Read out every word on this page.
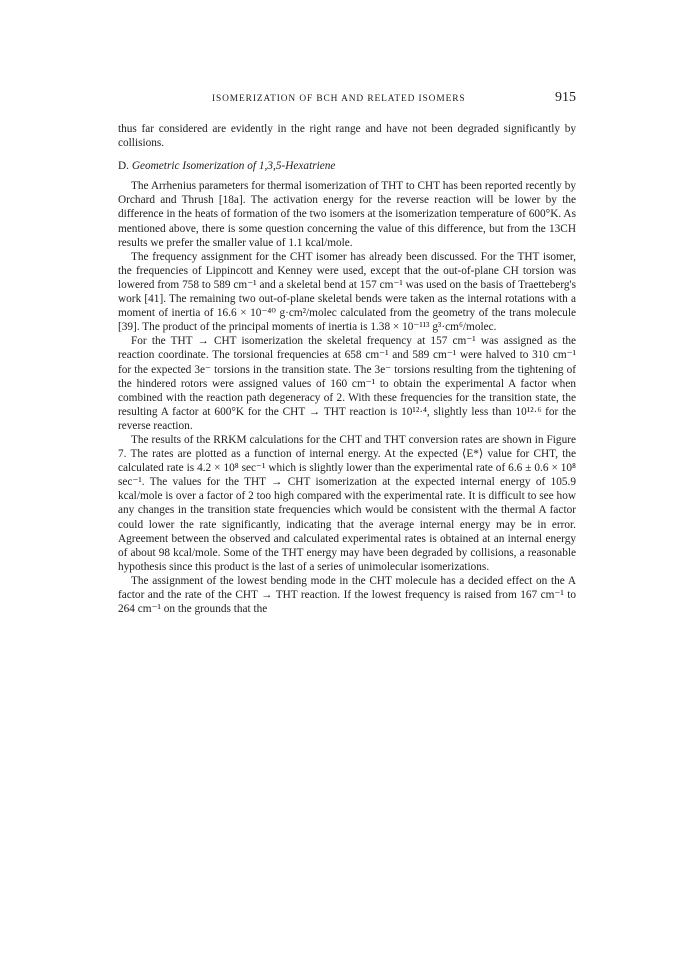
ISOMERIZATION OF BCH AND RELATED ISOMERS	915

thus far considered are evidently in the right range and have not been degraded significantly by collisions.

D. Geometric Isomerization of 1,3,5-Hexatriene

The Arrhenius parameters for thermal isomerization of THT to CHT has been reported recently by Orchard and Thrush [18a]. The activation energy for the reverse reaction will be lower by the difference in the heats of formation of the two isomers at the isomerization temperature of 600°K. As mentioned above, there is some question concerning the value of this difference, but from the 13CH results we prefer the smaller value of 1.1 kcal/mole.

The frequency assignment for the CHT isomer has already been discussed. For the THT isomer, the frequencies of Lippincott and Kenney were used, except that the out-of-plane CH torsion was lowered from 758 to 589 cm⁻¹ and a skeletal bend at 157 cm⁻¹ was used on the basis of Traetteberg's work [41]. The remaining two out-of-plane skeletal bends were taken as the internal rotations with a moment of inertia of 16.6 × 10⁻⁴⁰ g·cm²/molec calculated from the geometry of the trans molecule [39]. The product of the principal moments of inertia is 1.38 × 10⁻¹¹³ g³·cm⁶/molec.

For the THT → CHT isomerization the skeletal frequency at 157 cm⁻¹ was assigned as the reaction coordinate. The torsional frequencies at 658 cm⁻¹ and 589 cm⁻¹ were halved to 310 cm⁻¹ for the expected 3e⁻ torsions in the transition state. The 3e⁻ torsions resulting from the tightening of the hindered rotors were assigned values of 160 cm⁻¹ to obtain the experimental A factor when combined with the reaction path degeneracy of 2. With these frequencies for the transition state, the resulting A factor at 600°K for the CHT → THT reaction is 10¹²·⁴, slightly less than 10¹²·⁶ for the reverse reaction.

The results of the RRKM calculations for the CHT and THT conversion rates are shown in Figure 7. The rates are plotted as a function of internal energy. At the expected ⟨E*⟩ value for CHT, the calculated rate is 4.2 × 10⁸ sec⁻¹ which is slightly lower than the experimental rate of 6.6 ± 0.6 × 10⁸ sec⁻¹. The values for the THT → CHT isomerization at the expected internal energy of 105.9 kcal/mole is over a factor of 2 too high compared with the experimental rate. It is difficult to see how any changes in the transition state frequencies which would be consistent with the thermal A factor could lower the rate significantly, indicating that the average internal energy may be in error. Agreement between the observed and calculated experimental rates is obtained at an internal energy of about 98 kcal/mole. Some of the THT energy may have been degraded by collisions, a reasonable hypothesis since this product is the last of a series of unimolecular isomerizations.

The assignment of the lowest bending mode in the CHT molecule has a decided effect on the A factor and the rate of the CHT → THT reaction. If the lowest frequency is raised from 167 cm⁻¹ to 264 cm⁻¹ on the grounds that the
